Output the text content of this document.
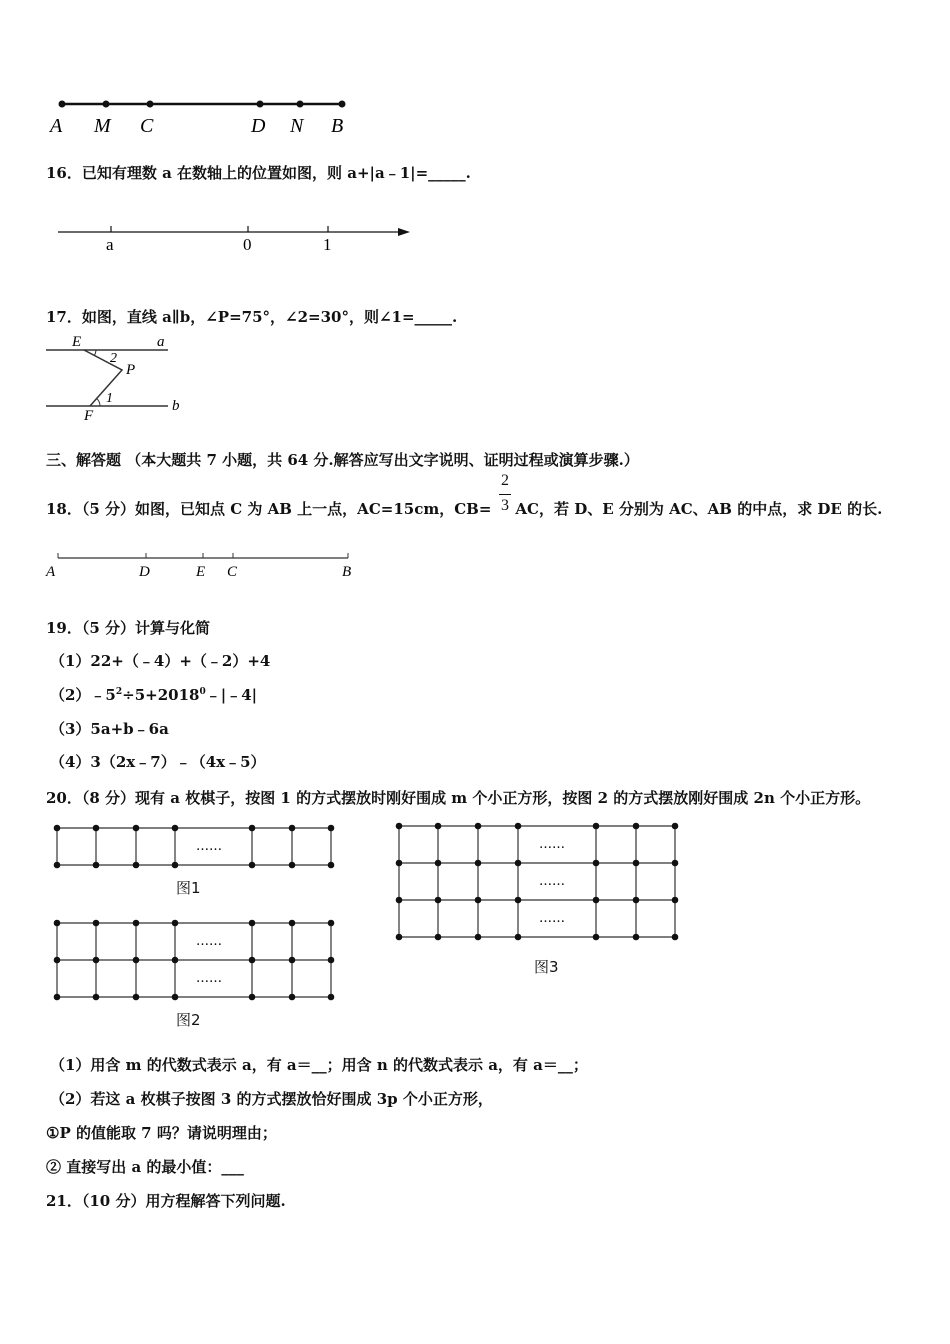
A M C	D N B
16．已知有理数 a 在数轴上的位置如图，则 a+|a﹣1|=_____.
a	0	1
17．如图，直线 a∥b，∠P=75°，∠2=30°，则∠1=_____.
E	a
2
P
1
F
b
三、解答题 （本大题共 7 小题，共 64 分.解答应写出文字说明、证明过程或演算步骤.）
18．（5 分）如图，已知点 C 为 AB 上一点，AC=15cm，CB= AC，若 D、E 分别为 AC、AB 的中点，求 DE 的长.
2
3
A	D	E C	B
19．（5 分）计算与化简
（1）22+（﹣4）+（﹣2）+4
$(2)﹣5^2\div 5+2018^0﹣|﹣4|$
（3）5a+b﹣6a
（4）3（2x﹣7）﹣（4x﹣5）
20．（8 分）现有 a 枚棋子，按图 1 的方式摆放时刚好围成 m 个小正方形，按图 2 的方式摆放刚好围成 2n 个小正方形。
……
图1
……
……
图2
……
……
……
图3
（1）用含 m 的代数式表示 a，有 a＝__；用含 n 的代数式表示 a，有 a＝__；
（2）若这 a 枚棋子按图 3 的方式摆放恰好围成 3p 个小正方形，
①P 的值能取 7 吗？请说明理由；
② 直接写出 a 的最小值：___
21．（10 分）用方程解答下列问题.
